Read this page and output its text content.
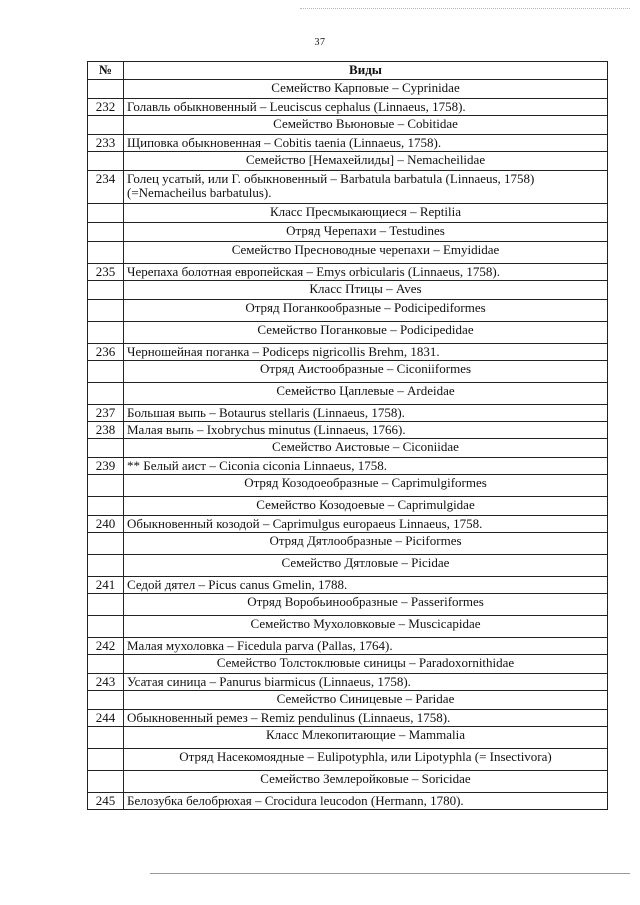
37
№	Виды
	Семейство Карповые – Cyprinidae
232	Голавль обыкновенный – Leuciscus cephalus (Linnaeus, 1758).
	Семейство Вьюновые – Cobitidae
233	Щиповка обыкновенная – Cobitis taenia (Linnaeus, 1758).
	Семейство [Немахейлиды] – Nemacheilidae
234	Голец усатый, или Г. обыкновенный – Barbatula barbatula (Linnaeus, 1758) (=Nemacheilus barbatulus).
	Класс Пресмыкающиеся – Reptilia
	Отряд Черепахи – Testudines
	Семейство Пресноводные черепахи – Emyididae
235	Черепаха болотная европейская – Emys orbicularis (Linnaeus, 1758).
	Класс Птицы – Aves
	Отряд Поганкообразные – Podicipediformes
	Семейство Поганковые – Podicipedidae
236	Черношейная поганка – Podiceps nigricollis Brehm, 1831.
	Отряд Аистообразные – Ciconiiformes
	Семейство Цаплевые – Ardeidae
237	Большая выпь – Botaurus stellaris (Linnaeus, 1758).
238	Малая выпь – Ixobrychus minutus (Linnaeus, 1766).
	Семейство Аистовые – Ciconiidae
239	** Белый аист – Ciconia ciconia Linnaeus, 1758.
	Отряд Козодоеобразные – Caprimulgiformes
	Семейство Козодоевые – Caprimulgidae
240	Обыкновенный козодой – Caprimulgus europaeus Linnaeus, 1758.
	Отряд Дятлообразные – Piciformes
	Семейство Дятловые – Picidae
241	Седой дятел – Picus canus Gmelin, 1788.
	Отряд Воробьинообразные – Passeriformes
	Семейство Мухоловковые – Muscicapidae
242	Малая мухоловка – Ficedula parva (Pallas, 1764).
	Семейство Толстоклювые синицы – Paradoxornithidae
243	Усатая синица – Panurus biarmicus (Linnaeus, 1758).
	Семейство Синицевые – Paridae
244	Обыкновенный ремез – Remiz pendulinus (Linnaeus, 1758).
	Класс Млекопитающие – Mammalia
	Отряд Насекомоядные – Eulipotyphla, или Lipotyphla (= Insectivora)
	Семейство Землеройковые – Soricidae
245	Белозубка белобрюхая – Crocidura leucodon (Hermann, 1780).
